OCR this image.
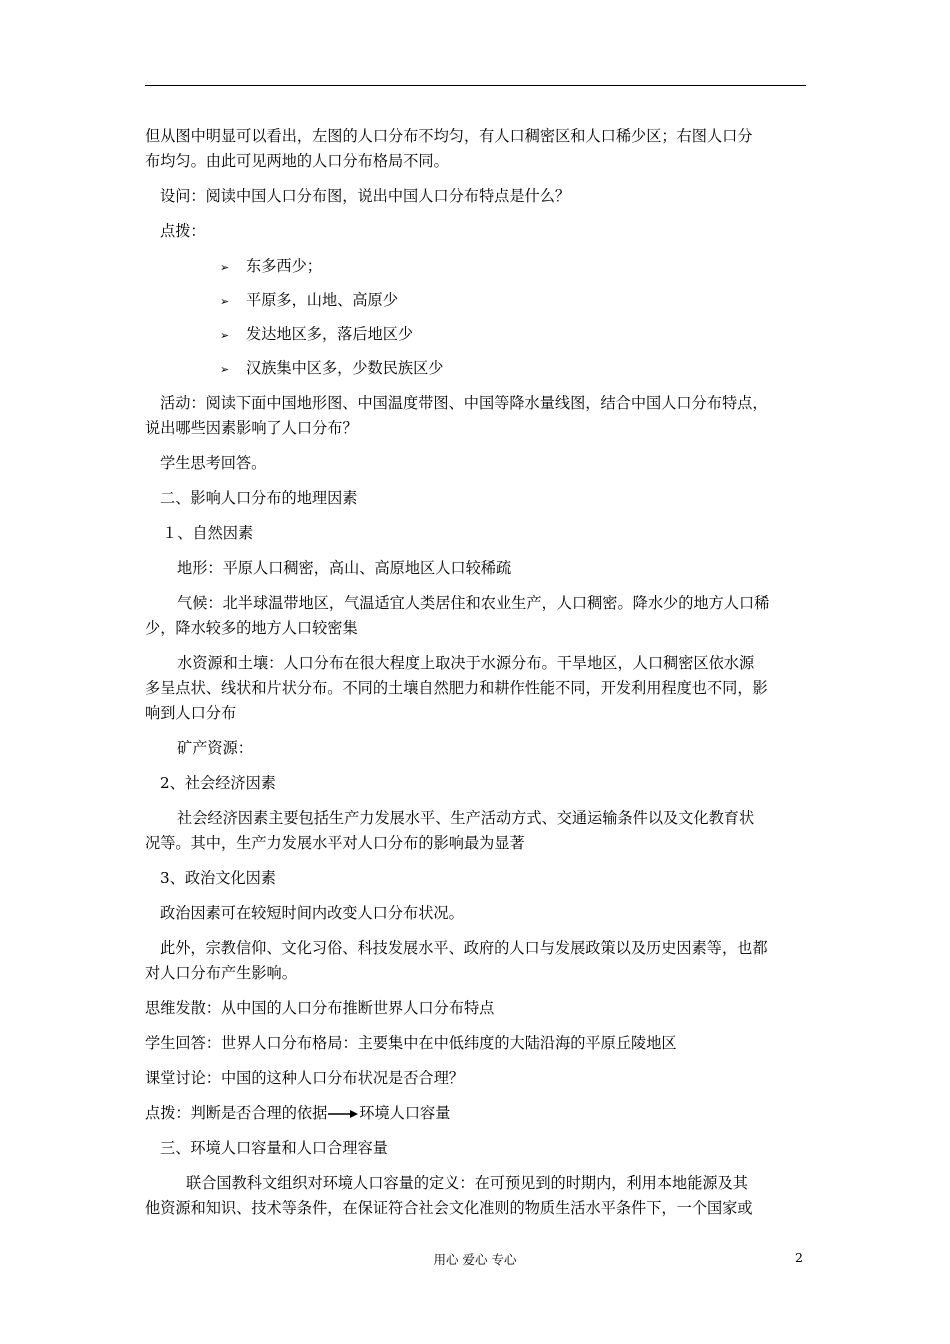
但从图中明显可以看出，左图的人口分布不均匀，有人口稠密区和人口稀少区；右图人口分
布均匀。由此可见两地的人口分布格局不同。
设问：阅读中国人口分布图，说出中国人口分布特点是什么？
点拨：
➢ 东多西少；
➢ 平原多，山地、高原少
➢ 发达地区多，落后地区少
➢ 汉族集中区多，少数民族区少
活动：阅读下面中国地形图、中国温度带图、中国等降水量线图，结合中国人口分布特点，
说出哪些因素影响了人口分布？
学生思考回答。
二、影响人口分布的地理因素
１、自然因素
地形：平原人口稠密，高山、高原地区人口较稀疏
气候：北半球温带地区，气温适宜人类居住和农业生产，人口稠密。降水少的地方人口稀
少，降水较多的地方人口较密集
水资源和土壤：人口分布在很大程度上取决于水源分布。干旱地区，人口稠密区依水源
多呈点状、线状和片状分布。不同的土壤自然肥力和耕作性能不同，开发利用程度也不同，影
响到人口分布
矿产资源：
2、社会经济因素
社会经济因素主要包括生产力发展水平、生产活动方式、交通运输条件以及文化教育状
况等。其中，生产力发展水平对人口分布的影响最为显著
3、政治文化因素
政治因素可在较短时间内改变人口分布状况。
此外，宗教信仰、文化习俗、科技发展水平、政府的人口与发展政策以及历史因素等，也都
对人口分布产生影响。
思维发散：从中国的人口分布推断世界人口分布特点
学生回答：世界人口分布格局：主要集中在中低纬度的大陆沿海的平原丘陵地区
课堂讨论：中国的这种人口分布状况是否合理？
点拨：判断是否合理的依据 环境人口容量
三、环境人口容量和人口合理容量
联合国教科文组织对环境人口容量的定义：在可预见到的时期内，利用本地能源及其
他资源和知识、技术等条件，在保证符合社会文化准则的物质生活水平条件下，一个国家或
用心 爱心 专心	2
